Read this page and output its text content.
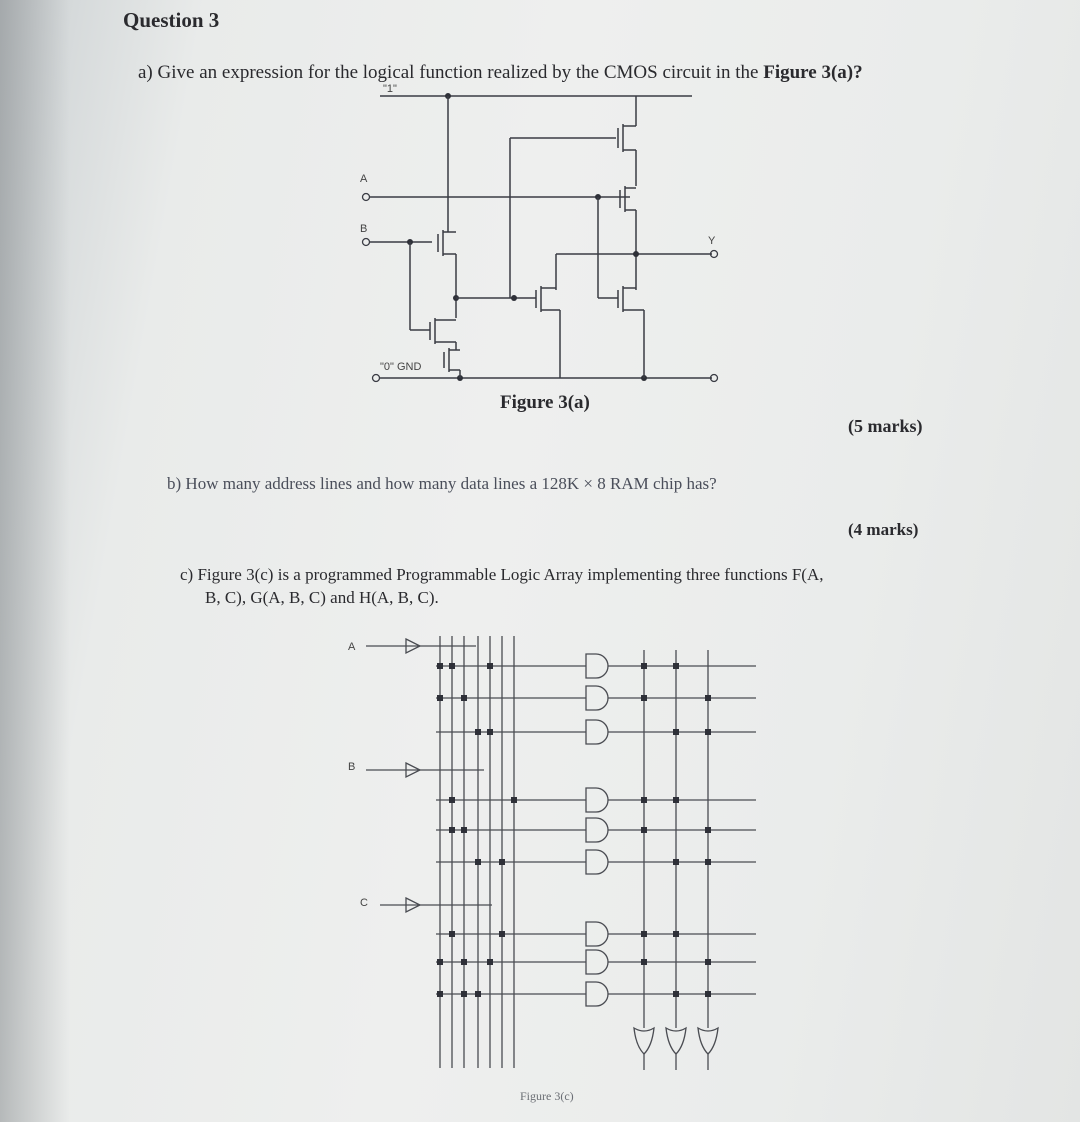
Question 3
a) Give an expression for the logical function realized by the CMOS circuit in the Figure 3(a)?
"1"
"0" GND
A
B
Y
Figure 3(a)
(5 marks)
b) How many address lines and how many data lines a 128K × 8 RAM chip has?
(4 marks)
c) Figure 3(c) is a programmed Programmable Logic Array implementing three functions F(A,
B, C), G(A, B, C) and H(A, B, C).
A
B
C
Figure 3(c)
